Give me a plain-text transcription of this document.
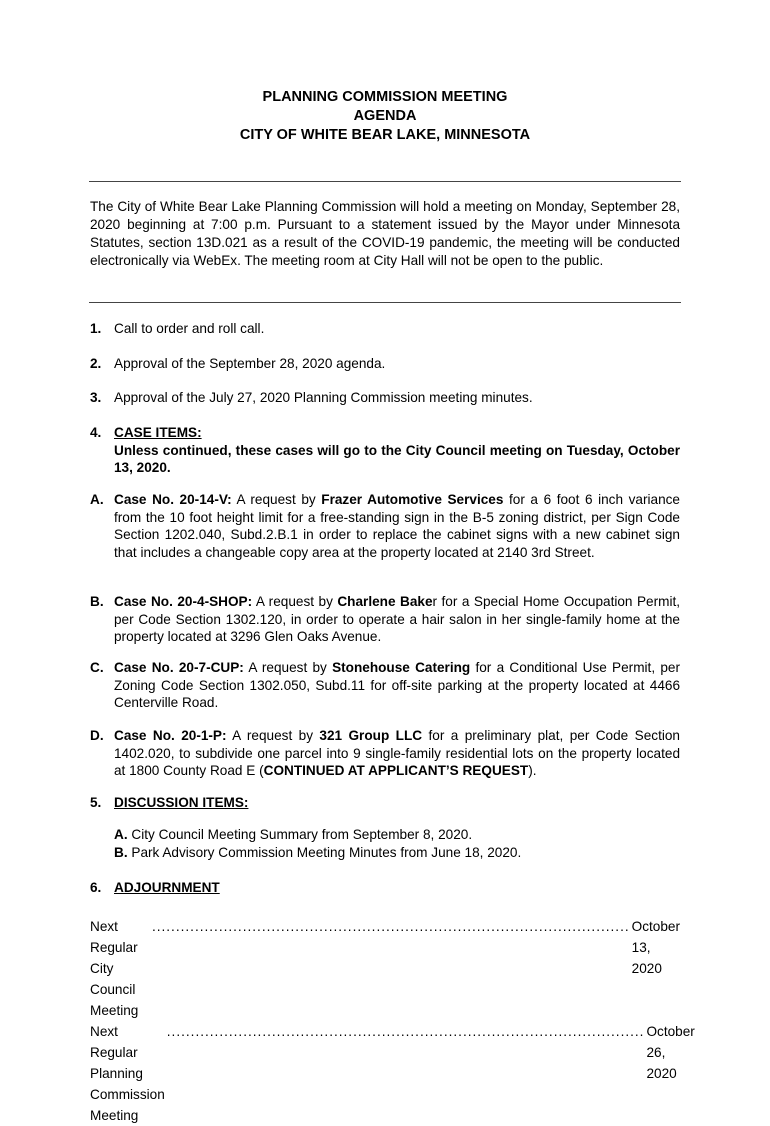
PLANNING COMMISSION MEETING
AGENDA
CITY OF WHITE BEAR LAKE, MINNESOTA
The City of White Bear Lake Planning Commission will hold a meeting on Monday, September 28, 2020 beginning at 7:00 p.m. Pursuant to a statement issued by the Mayor under Minnesota Statutes, section 13D.021 as a result of the COVID-19 pandemic, the meeting will be conducted electronically via WebEx. The meeting room at City Hall will not be open to the public.
1. Call to order and roll call.
2. Approval of the September 28, 2020 agenda.
3. Approval of the July 27, 2020 Planning Commission meeting minutes.
4. CASE ITEMS:
Unless continued, these cases will go to the City Council meeting on Tuesday, October 13, 2020.
A. Case No. 20-14-V: A request by Frazer Automotive Services for a 6 foot 6 inch variance from the 10 foot height limit for a free-standing sign in the B-5 zoning district, per Sign Code Section 1202.040, Subd.2.B.1 in order to replace the cabinet signs with a new cabinet sign that includes a changeable copy area at the property located at 2140 3rd Street.
B. Case No. 20-4-SHOP: A request by Charlene Baker for a Special Home Occupation Permit, per Code Section 1302.120, in order to operate a hair salon in her single-family home at the property located at 3296 Glen Oaks Avenue.
C. Case No. 20-7-CUP: A request by Stonehouse Catering for a Conditional Use Permit, per Zoning Code Section 1302.050, Subd.11 for off-site parking at the property located at 4466 Centerville Road.
D. Case No. 20-1-P: A request by 321 Group LLC for a preliminary plat, per Code Section 1402.020, to subdivide one parcel into 9 single-family residential lots on the property located at 1800 County Road E (CONTINUED AT APPLICANT’S REQUEST).
5. DISCUSSION ITEMS:
A. City Council Meeting Summary from September 8, 2020.
B. Park Advisory Commission Meeting Minutes from June 18, 2020.
6. ADJOURNMENT
Next Regular City Council Meeting
.................................................................................................... October 13, 2020
Next Regular Planning Commission Meeting
.................................................................................................... October 26, 2020
